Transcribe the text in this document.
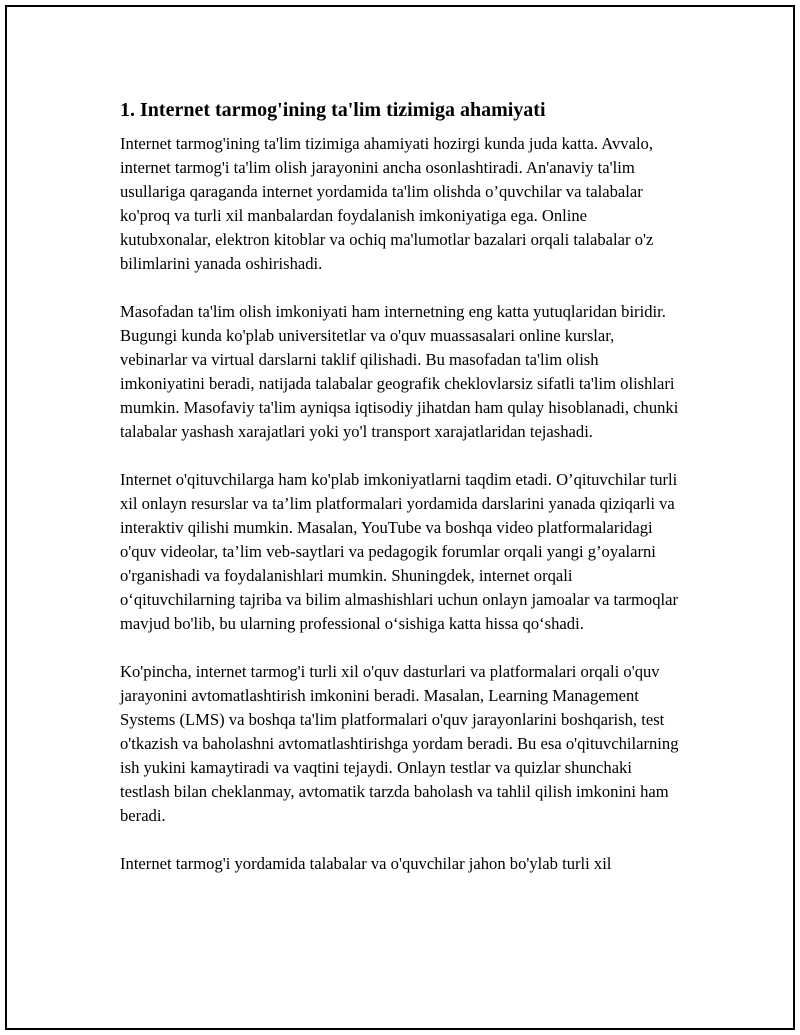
1. Internet tarmog'ining ta'lim tizimiga ahamiyati

Internet tarmog'ining ta'lim tizimiga ahamiyati hozirgi kunda juda katta. Avvalo, internet tarmog'i ta'lim olish jarayonini ancha osonlashtiradi. An'anaviy ta'lim usullariga qaraganda internet yordamida ta'lim olishda o’quvchilar va talabalar ko'proq va turli xil manbalardan foydalanish imkoniyatiga ega. Online kutubxonalar, elektron kitoblar va ochiq ma'lumotlar bazalari orqali talabalar o'z bilimlarini yanada oshirishadi.

Masofadan ta'lim olish imkoniyati ham internetning eng katta yutuqlaridan biridir. Bugungi kunda ko'plab universitetlar va o'quv muassasalari online kurslar, vebinarlar va virtual darslarni taklif qilishadi. Bu masofadan ta'lim olish imkoniyatini beradi, natijada talabalar geografik cheklovlarsiz sifatli ta'lim olishlari mumkin. Masofaviy ta'lim ayniqsa iqtisodiy jihatdan ham qulay hisoblanadi, chunki talabalar yashash xarajatlari yoki yo'l transport xarajatlaridan tejashadi.

Internet o'qituvchilarga ham ko'plab imkoniyatlarni taqdim etadi. O’qituvchilar turli xil onlayn resurslar va ta’lim platformalari yordamida darslarini yanada qiziqarli va interaktiv qilishi mumkin. Masalan, YouTube va boshqa video platformalaridagi o'quv videolar, ta’lim veb-saytlari va pedagogik forumlar orqali yangi g’oyalarni o'rganishadi va foydalanishlari mumkin. Shuningdek, internet orqali o‘qituvchilarning tajriba va bilim almashishlari uchun onlayn jamoalar va tarmoqlar mavjud bo'lib, bu ularning professional o‘sishiga katta hissa qo‘shadi.

Ko'pincha, internet tarmog'i turli xil o'quv dasturlari va platformalari orqali o'quv jarayonini avtomatlashtirish imkonini beradi. Masalan, Learning Management Systems (LMS) va boshqa ta'lim platformalari o'quv jarayonlarini boshqarish, test o'tkazish va baholashni avtomatlashtirishga yordam beradi. Bu esa o'qituvchilarning ish yukini kamaytiradi va vaqtini tejaydi. Onlayn testlar va quizlar shunchaki testlash bilan cheklanmay, avtomatik tarzda baholash va tahlil qilish imkonini ham beradi.

Internet tarmog'i yordamida talabalar va o'quvchilar jahon bo'ylab turli xil
